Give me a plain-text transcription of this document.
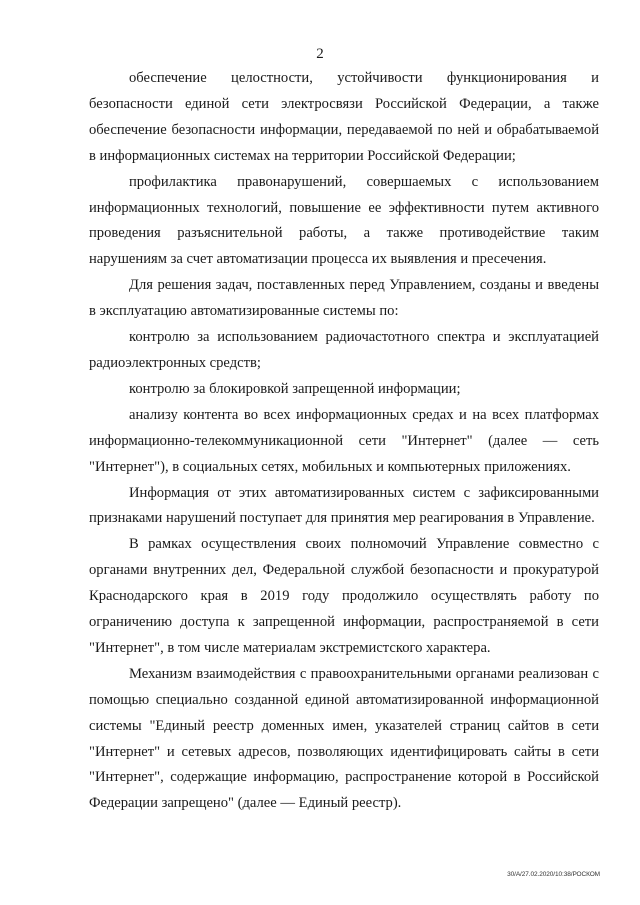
2

обеспечение целостности, устойчивости функционирования и безопасности единой сети электросвязи Российской Федерации, а также обеспечение безопасности информации, передаваемой по ней и обрабатываемой в информационных системах на территории Российской Федерации;

профилактика правонарушений, совершаемых с использованием информационных технологий, повышение ее эффективности путем активного проведения разъяснительной работы, а также противодействие таким нарушениям за счет автоматизации процесса их выявления и пресечения.

Для решения задач, поставленных перед Управлением, созданы и введены в эксплуатацию автоматизированные системы по:

контролю за использованием радиочастотного спектра и эксплуатацией радиоэлектронных средств;

контролю за блокировкой запрещенной информации;

анализу контента во всех информационных средах и на всех платформах информационно-телекоммуникационной сети "Интернет" (далее — сеть "Интернет"), в социальных сетях, мобильных и компьютерных приложениях.

Информация от этих автоматизированных систем с зафиксированными признаками нарушений поступает для принятия мер реагирования в Управление.

В рамках осуществления своих полномочий Управление совместно с органами внутренних дел, Федеральной службой безопасности и прокуратурой Краснодарского края в 2019 году продолжило осуществлять работу по ограничению доступа к запрещенной информации, распространяемой в сети "Интернет", в том числе материалам экстремистского характера.

Механизм взаимодействия с правоохранительными органами реализован с помощью специально созданной единой автоматизированной информационной системы "Единый реестр доменных имен, указателей страниц сайтов в сети "Интернет" и сетевых адресов, позволяющих идентифицировать сайты в сети "Интернет", содержащие информацию, распространение которой в Российской Федерации запрещено" (далее — Единый реестр).

30/А/27.02.2020/10:38/РОСКОМ
